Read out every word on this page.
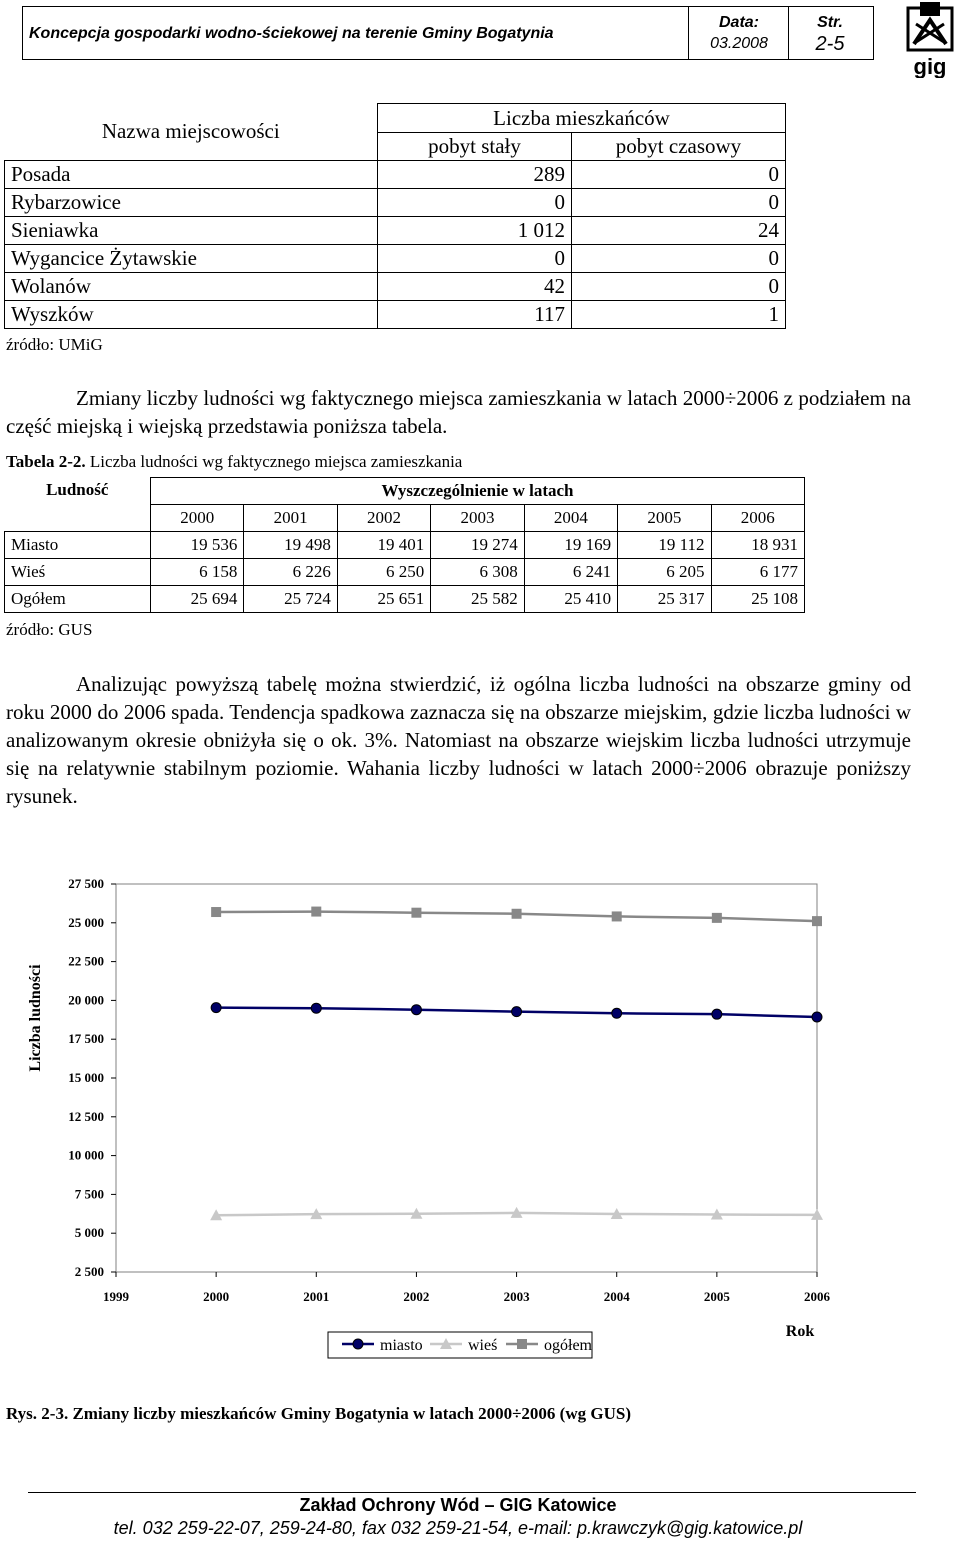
Koncepcja gospodarki wodno-ściekowej na terenie Gminy Bogatynia
Data:
03.2008
Str.
2-5
gig
Nazwa miejscowości	Liczba mieszkańców	
	pobyt stały	pobyt czasowy
Posada	289	0
Rybarzowice	0	0
Sieniawka	1 012	24
Wygancice Żytawskie	0	0
Wolanów	42	0
Wyszków	117	1
źródło: UMiG

Zmiany liczby ludności wg faktycznego miejsca zamieszkania w latach 2000÷2006 z podziałem na część miejską i wiejską przedstawia poniższa tabela.

Tabela 2-2. Liczba ludności wg faktycznego miejsca zamieszkania
Ludność	Wyszczególnienie w latach						
	2000	2001	2002	2003	2004	2005	2006
Miasto	19 536	19 498	19 401	19 274	19 169	19 112	18 931
Wieś	6 158	6 226	6 250	6 308	6 241	6 205	6 177
Ogółem	25 694	25 724	25 651	25 582	25 410	25 317	25 108
źródło: GUS

Analizując powyższą tabelę można stwierdzić, iż ogólna liczba ludności na obszarze gminy od roku 2000 do 2006 spada. Tendencja spadkowa zaznacza się na obszarze miejskim, gdzie liczba ludności w analizowanym okresie obniżyła się o ok. 3%. Natomiast na obszarze wiejskim liczba ludności utrzymuje się na relatywnie stabilnym poziomie. Wahania liczby ludności w latach 2000÷2006 obrazuje poniższy rysunek.

2 500
5 000
7 500
10 000
12 500
15 000
17 500
20 000
22 500
25 000
27 500
1999	2000	2001	2002	2003	2004	2005	2006
Liczba ludności
Rok
miasto	wieś	ogółem
Rys. 2-3. Zmiany liczby mieszkańców Gminy Bogatynia w latach 2000÷2006 (wg GUS)
Zakład Ochrony Wód – GIG Katowice
tel. 032 259-22-07, 259-24-80, fax 032 259-21-54, e-mail: p.krawczyk@gig.katowice.pl
